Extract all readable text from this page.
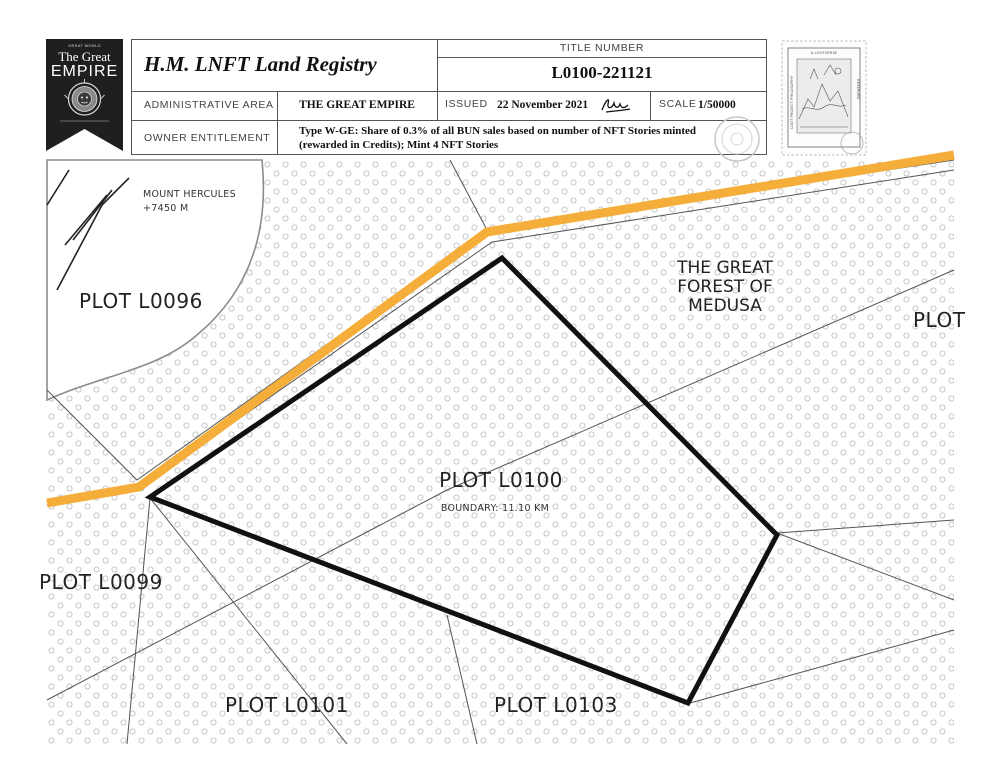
GREAT WORLD
The Great
EMPIRE H.M. LNFT Land Registry
TITLE NUMBER
L0100-221121
ADMINISTRATIVE AREA	THE GREAT EMPIRE	ISSUED 22 November 2021	SCALE 1/50000
OWNER ENTITLEMENT
Type W-GE: Share of 0.3% of all BUN sales based on number of NFT Stories minted
(rewarded in Credits); Mint 4 NFT Stories
A LOOTVERSE
LOOT PROJECT PHILOSOPHY	RESERVED
MOUNT HERCULES
+7450 M
PLOT L0096
PLOT L0099
PLOT L0101	PLOT L0103
PLOT
PLOT L0100
BOUNDARY: 11.10 KM
THE GREAT
FOREST OF
MEDUSA
